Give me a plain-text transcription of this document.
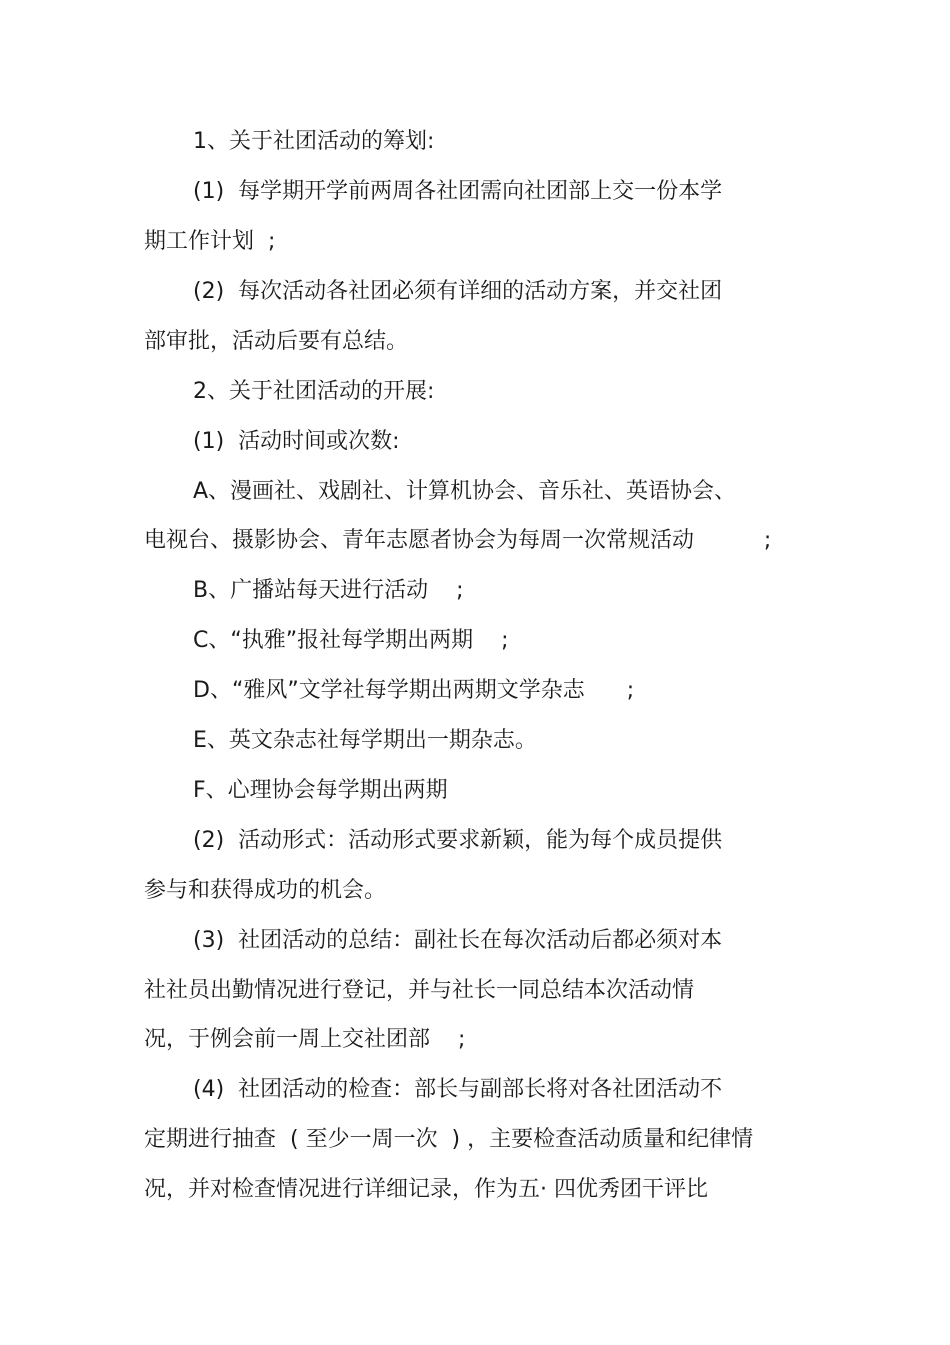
1、关于社团活动的筹划:
(1)  每学期开学前两周各社团需向社团部上交一份本学
期工作计划  ;
(2)  每次活动各社团必须有详细的活动方案，并交社团
部审批，活动后要有总结。
2、关于社团活动的开展:
(1)  活动时间或次数:
A、漫画社、戏剧社、计算机协会、音乐社、英语协会、
电视台、摄影协会、青年志愿者协会为每周一次常规活动          ;
B、广播站每天进行活动    ;
C、“执雅”报社每学期出两期    ;
D、“雅风”文学社每学期出两期文学杂志      ;
E、英文杂志社每学期出一期杂志。
F、心理协会每学期出两期
(2)  活动形式：活动形式要求新颖，能为每个成员提供
参与和获得成功的机会。
(3)  社团活动的总结：副社长在每次活动后都必须对本
社社员出勤情况进行登记，并与社长一同总结本次活动情
况，于例会前一周上交社团部    ;
(4)  社团活动的检查：部长与副部长将对各社团活动不
定期进行抽查  ( 至少一周一次  ) ，主要检查活动质量和纪律情
况，并对检查情况进行详细记录，作为五· 四优秀团干评比
